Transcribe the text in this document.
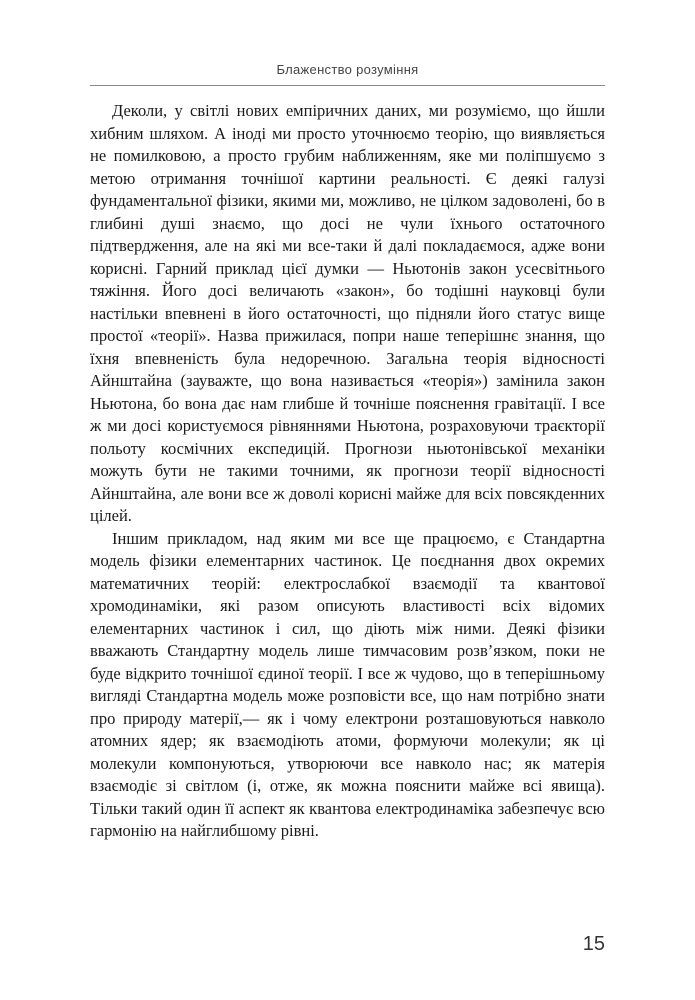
Блаженство розуміння

Деколи, у світлі нових емпіричних даних, ми розуміємо, що йшли хибним шляхом. А іноді ми просто уточнюємо теорію, що виявляється не помилковою, а просто грубим наближенням, яке ми поліпшуємо з метою отримання точнішої картини реальності. Є деякі галузі фундаментальної фізики, якими ми, можливо, не цілком задоволені, бо в глибині душі знаємо, що досі не чули їхнього остаточного підтвердження, але на які ми все-таки й далі покладаємося, адже вони корисні. Гарний приклад цієї думки — Ньютонів закон усесвітнього тяжіння. Його досі величають «закон», бо тодішні науковці були настільки впевнені в його остаточності, що підняли його статус вище простої «теорії». Назва прижилася, попри наше теперішнє знання, що їхня впевненість була недоречною. Загальна теорія відносності Айнштайна (зауважте, що вона називається «теорія») замінила закон Ньютона, бо вона дає нам глибше й точніше пояснення гравітації. І все ж ми досі користуємося рівняннями Ньютона, розраховуючи траєкторії польоту космічних експедицій. Прогнози ньютонівської механіки можуть бути не такими точними, як прогнози теорії відносності Айнштайна, але вони все ж доволі корисні майже для всіх повсякденних цілей.

Іншим прикладом, над яким ми все ще працюємо, є Стандартна модель фізики елементарних частинок. Це поєднання двох окремих математичних теорій: електрослабкої взаємодії та квантової хромодинаміки, які разом описують властивості всіх відомих елементарних частинок і сил, що діють між ними. Деякі фізики вважають Стандартну модель лише тимчасовим розв’язком, поки не буде відкрито точнішої єдиної теорії. І все ж чудово, що в теперішньому вигляді Стандартна модель може розповісти все, що нам потрібно знати про природу матерії,— як і чому електрони розташовуються навколо атомних ядер; як взаємодіють атоми, формуючи молекули; як ці молекули компонуються, утворюючи все навколо нас; як матерія взаємодіє зі світлом (і, отже, як можна пояснити майже всі явища). Тільки такий один її аспект як квантова електродинаміка забезпечує всю гармонію на найглибшому рівні.

15
